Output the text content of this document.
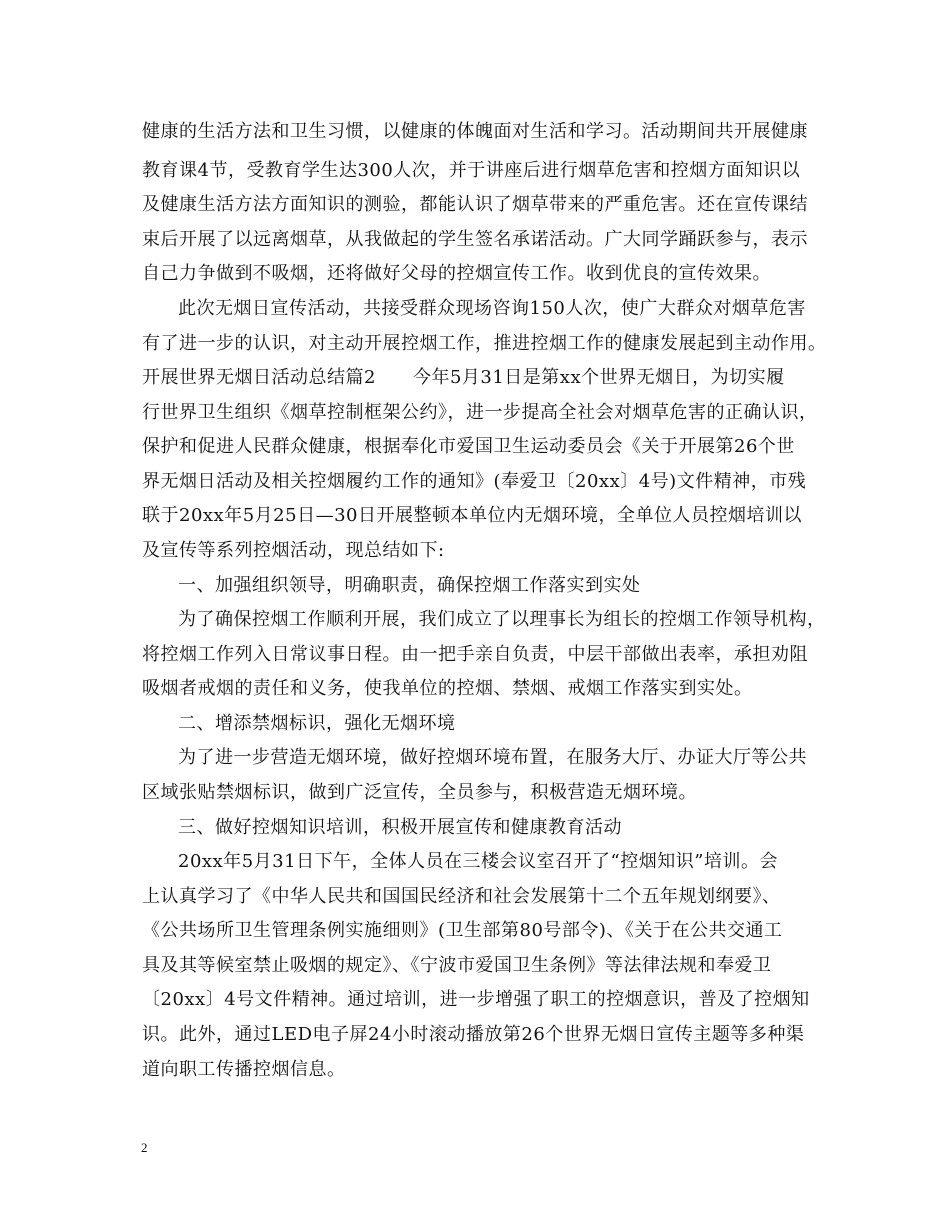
健康的生活方法和卫生习惯，以健康的体魄面对生活和学习。活动期间共开展健康
教育课4节，受教育学生达300人次，并于讲座后进行烟草危害和控烟方面知识以
及健康生活方法方面知识的测验，都能认识了烟草带来的严重危害。还在宣传课结
束后开展了以远离烟草，从我做起的学生签名承诺活动。广大同学踊跃参与，表示
自己力争做到不吸烟，还将做好父母的控烟宣传工作。收到优良的宣传效果。
此次无烟日宣传活动，共接受群众现场咨询150人次，使广大群众对烟草危害
有了进一步的认识，对主动开展控烟工作，推进控烟工作的健康发展起到主动作用。
开展世界无烟日活动总结篇2　　今年5月31日是第xx个世界无烟日，为切实履
行世界卫生组织《烟草控制框架公约》，进一步提高全社会对烟草危害的正确认识，
保护和促进人民群众健康，根据奉化市爱国卫生运动委员会《关于开展第26个世
界无烟日活动及相关控烟履约工作的通知》(奉爱卫〔20xx〕4号)文件精神，市残
联于20xx年5月25日—30日开展整顿本单位内无烟环境，全单位人员控烟培训以
及宣传等系列控烟活动，现总结如下:
一、加强组织领导，明确职责，确保控烟工作落实到实处
为了确保控烟工作顺利开展，我们成立了以理事长为组长的控烟工作领导机构，
将控烟工作列入日常议事日程。由一把手亲自负责，中层干部做出表率，承担劝阻
吸烟者戒烟的责任和义务，使我单位的控烟、禁烟、戒烟工作落实到实处。
二、增添禁烟标识，强化无烟环境
为了进一步营造无烟环境，做好控烟环境布置，在服务大厅、办证大厅等公共
区域张贴禁烟标识，做到广泛宣传，全员参与，积极营造无烟环境。
三、做好控烟知识培训，积极开展宣传和健康教育活动
20xx年5月31日下午，全体人员在三楼会议室召开了“控烟知识”培训。会
上认真学习了《中华人民共和国国民经济和社会发展第十二个五年规划纲要》、
《公共场所卫生管理条例实施细则》(卫生部第80号部令)、《关于在公共交通工
具及其等候室禁止吸烟的规定》、《宁波市爱国卫生条例》等法律法规和奉爱卫
〔20xx〕4号文件精神。通过培训，进一步增强了职工的控烟意识，普及了控烟知
识。此外，通过LED电子屏24小时滚动播放第26个世界无烟日宣传主题等多种渠
道向职工传播控烟信息。
2
